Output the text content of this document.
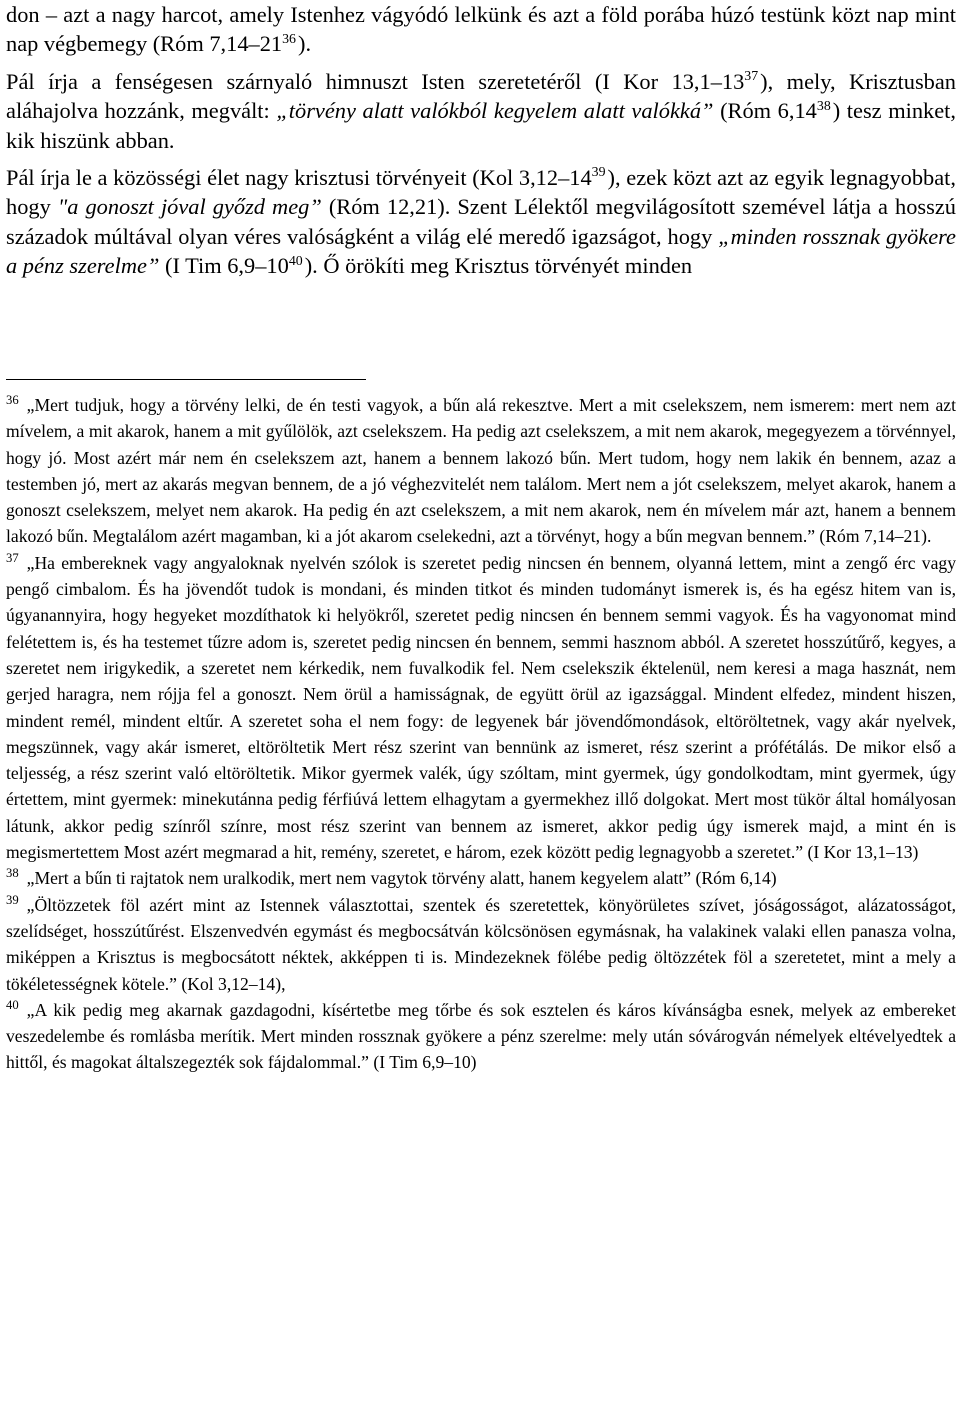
don – azt a nagy harcot, amely Istenhez vágyódó lelkünk és azt a föld porába húzó testünk közt nap mint nap végbemegy (Róm $7,14-21^{36}$).

Pál írja a fenségesen szárnyaló himnuszt Isten szeretetéről (I Kor $13,1-13^{37}$), mely, Krisztusban aláhajolva hozzánk, megvált: „törvény alatt valókból kegyelem alatt valókká” (Róm 6,14$^{38}$) tesz minket, kik hiszünk abban.

Pál írja le a közösségi élet nagy krisztusi törvényeit (Kol $3,12-14^{39}$), ezek közt azt az egyik legnagyobbat, hogy "a gonoszt jóval győzd meg” (Róm 12,21). Szent Lélektől megvilágosított szemével látja a hosszú századok múltával olyan véres valóságként a világ elé meredő igazságot, hogy „minden rossznak gyökere a pénz szerelme” (I Tim $6,9-10^{40}$). Ő örökíti meg Krisztus törvényét minden

$^{36}$ „Mert tudjuk, hogy a törvény lelki, de én testi vagyok, a bűn alá rekesztve. Mert a mit cselekszem, nem ismerem: mert nem azt mívelem, a mit akarok, hanem a mit gyűlölök, azt cselekszem. Ha pedig azt cselekszem, a mit nem akarok, megegyezem a törvénnyel, hogy jó. Most azért már nem én cselekszem azt, hanem a bennem lakozó bűn. Mert tudom, hogy nem lakik én bennem, azaz a testemben jó, mert az akarás megvan bennem, de a jó véghezvitelét nem találom. Mert nem a jót cselekszem, melyet akarok, hanem a gonoszt cselekszem, melyet nem akarok. Ha pedig én azt cselekszem, a mit nem akarok, nem én mívelem már azt, hanem a bennem lakozó bűn. Megtalálom azért magamban, ki a jót akarom cselekedni, azt a törvényt, hogy a bűn megvan bennem.” (Róm 7,14–21).

$^{37}$ „Ha embereknek vagy angyaloknak nyelvén szólok is szeretet pedig nincsen én bennem, olyanná lettem, mint a zengő érc vagy pengő cimbalom. És ha jövendőt tudok is mondani, és minden titkot és minden tudományt ismerek is, és ha egész hitem van is, úgyanannyira, hogy hegyeket mozdíthatok ki helyökről, szeretet pedig nincsen én bennem semmi vagyok. És ha vagyonomat mind felétettem is, és ha testemet tűzre adom is, szeretet pedig nincsen én bennem, semmi hasznom abból. A szeretet hosszútűrő, kegyes, a szeretet nem irigykedik, a szeretet nem kérkedik, nem fuvalkodik fel. Nem cselekszik éktelenül, nem keresi a maga hasznát, nem gerjed haragra, nem rójja fel a gonoszt. Nem örül a hamisságnak, de együtt örül az igazsággal. Mindent elfedez, mindent hiszen, mindent remél, mindent eltűr. A szeretet soha el nem fogy: de legyenek bár jövendőmondások, eltöröltetnek, vagy akár nyelvek, megszünnek, vagy akár ismeret, eltöröltetik Mert rész szerint van bennünk az ismeret, rész szerint a prófétálás. De mikor első a teljesség, a rész szerint való eltöröltetik. Mikor gyermek valék, úgy szóltam, mint gyermek, úgy gondolkodtam, mint gyermek, úgy értettem, mint gyermek: minekutánna pedig férfiúvá lettem elhagytam a gyermekhez illő dolgokat. Mert most tükör által homályosan látunk, akkor pedig színről színre, most rész szerint van bennem az ismeret, akkor pedig úgy ismerek majd, a mint én is megismertettem Most azért megmarad a hit, remény, szeretet, e három, ezek között pedig legnagyobb a szeretet.” (I Kor 13,1–13)

$^{38}$ „Mert a bűn ti rajtatok nem uralkodik, mert nem vagytok törvény alatt, hanem kegyelem alatt” (Róm 6,14)

$^{39}$ „Öltözzetek föl azért mint az Istennek választottai, szentek és szeretettek, könyörületes szívet, jóságosságot, alázatosságot, szelídséget, hosszútűrést. Elszenvedvén egymást és megbocsátván kölcsönösen egymásnak, ha valakinek valaki ellen panasza volna, miképpen a Krisztus is megbocsátott néktek, akképpen ti is. Mindezeknek fölébe pedig öltözzétek föl a szeretetet, mint a mely a tökéletességnek kötele.” (Kol 3,12–14),

$^{40}$ „A kik pedig meg akarnak gazdagodni, kísértetbe meg tőrbe és sok esztelen és káros kívánságba esnek, melyek az embereket veszedelembe és romlásba merítik. Mert minden rossznak gyökere a pénz szerelme: mely után sóvárogván némelyek eltévelyedtek a hittől, és magokat általszegezték sok fájdalommal.” (I Tim 6,9–10)
